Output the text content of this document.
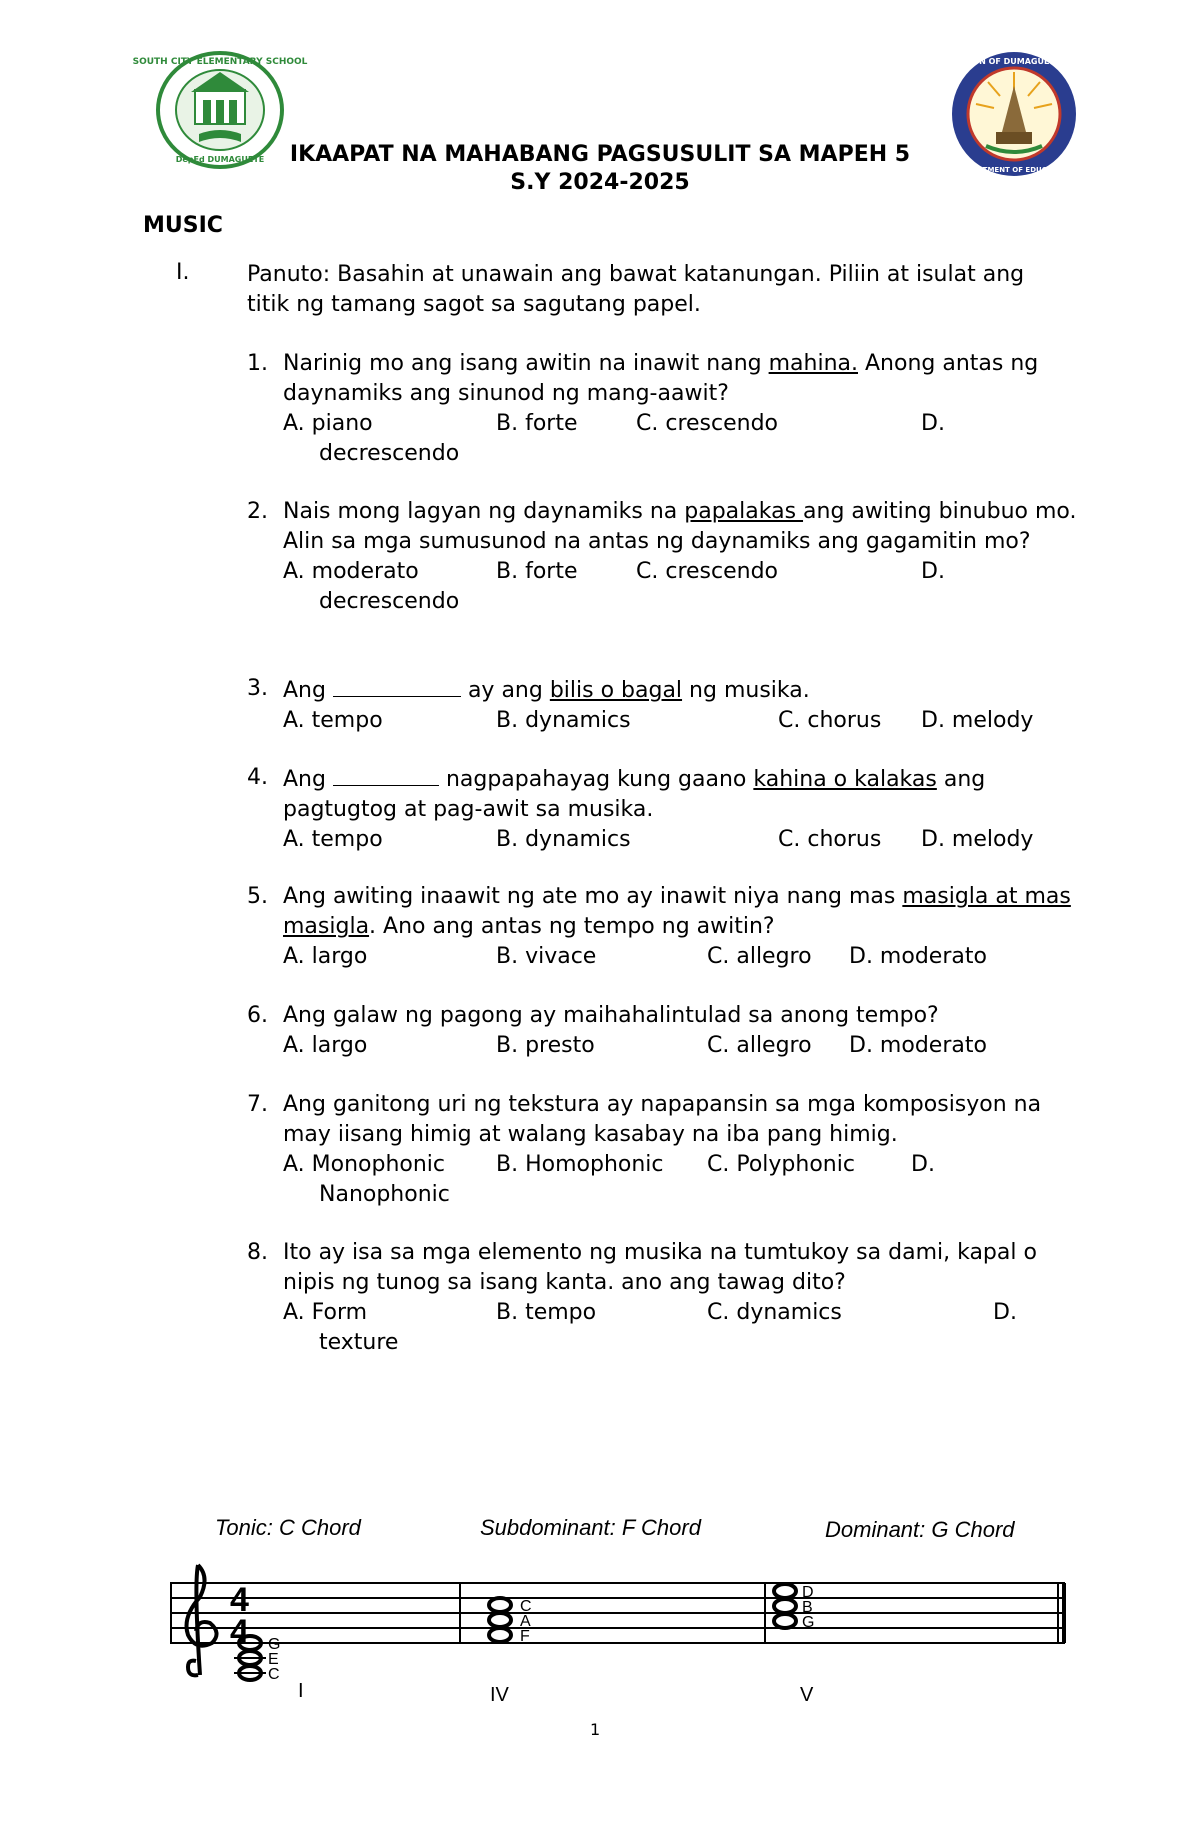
SOUTH CITY ELEMENTARY SCHOOL
DepEd DUMAGUETE
DIVISION OF DUMAGUETE CITY
DEPARTMENT OF EDUCATION
IKAAPAT NA MAHABANG PAGSUSULIT SA MAPEH 5
S.Y 2024-2025
MUSIC
I.	Panuto: Basahin at unawain ang bawat katanungan. Piliin at isulat ang titik ng tamang sagot sa sagutang papel.
1. Narinig mo ang isang awitin na inawit nang mahina. Anong antas ng daynamiks ang sinunod ng mang-aawit?
A. piano	B. forte	C. crescendo	D.
decrescendo
2. Nais mong lagyan ng daynamiks na papalakas ang awiting binubuo mo. Alin sa mga sumusunod na antas ng daynamiks ang gagamitin mo?
A. moderato	B. forte	C. crescendo	D.
decrescendo
3. Ang	ay ang bilis o bagal ng musika.
A. tempo	B. dynamics	C. chorus D. melody
4. Ang	nagpapahayag kung gaano kahina o kalakas ang pagtugtog at pag-awit sa musika.
A. tempo	B. dynamics	C. chorus D. melody
5. Ang awiting inaawit ng ate mo ay inawit niya nang mas masigla at mas masigla. Ano ang antas ng tempo ng awitin?
A. largo	B. vivace	C. allegro D. moderato
6. Ang galaw ng pagong ay maihahalintulad sa anong tempo?
A. largo	B. presto	C. allegro D. moderato
7. Ang ganitong uri ng tekstura ay napapansin sa mga komposisyon na may iisang himig at walang kasabay na iba pang himig.
A. Monophonic B. Homophonic C. Polyphonic	D.
Nanophonic
8. Ito ay isa sa mga elemento ng musika na tumtukoy sa dami, kapal o nipis ng tunog sa isang kanta. ano ang tawag dito?
A. Form	B. tempo	C. dynamics	D.
texture
Tonic: C Chord	Subdominant: F Chord	Dominant: G Chord
4
4 G
E
C
C
A
F
D
B
G
I	IV	V
1
